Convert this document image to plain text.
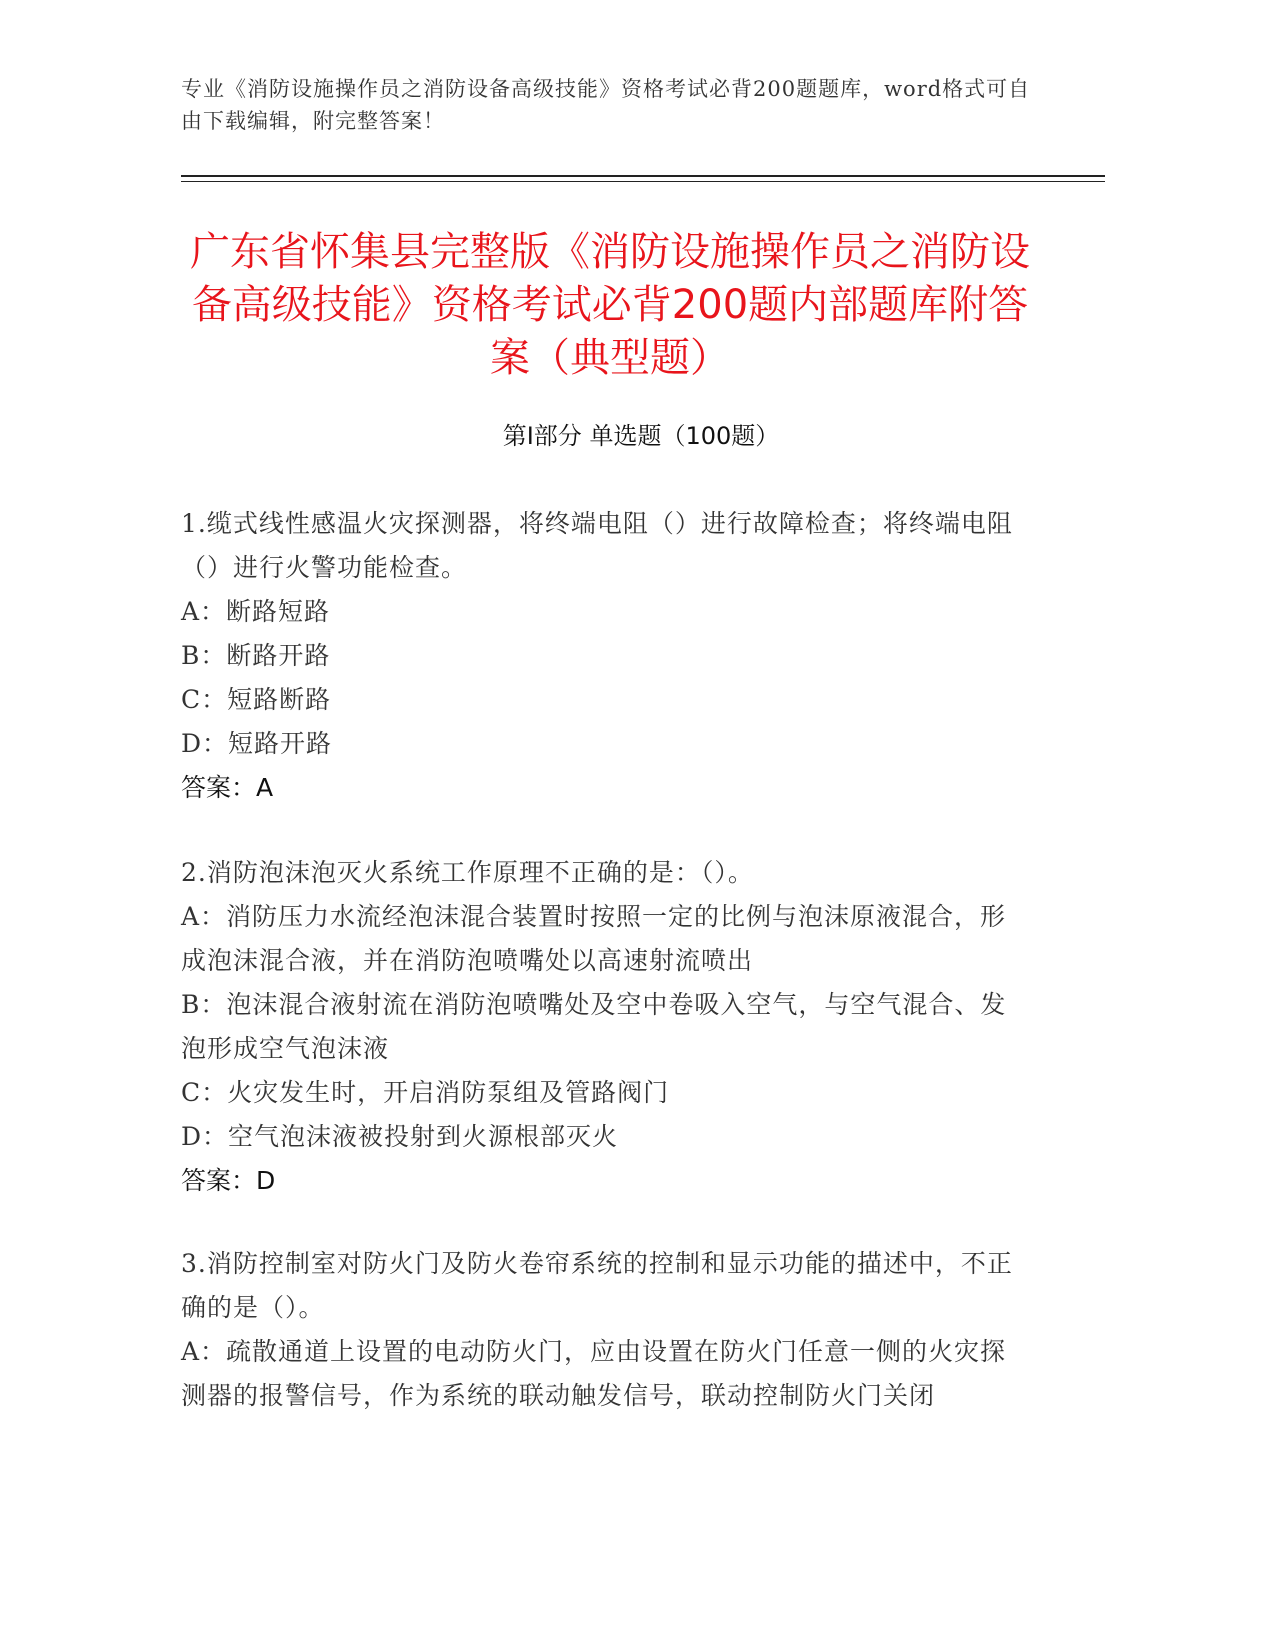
专业《消防设施操作员之消防设备高级技能》资格考试必背200题题库，word格式可自由下载编辑，附完整答案！
广东省怀集县完整版《消防设施操作员之消防设备高级技能》资格考试必背200题内部题库附答案（典型题）
第Ⅰ部分 单选题（100题）

1.缆式线性感温火灾探测器，将终端电阻（）进行故障检查；将终端电阻（）进行火警功能检查。

A：断路短路

B：断路开路

C：短路断路

D：短路开路

答案：A

2.消防泡沫泡灭火系统工作原理不正确的是：（）。

A：消防压力水流经泡沫混合装置时按照一定的比例与泡沫原液混合，形成泡沫混合液，并在消防泡喷嘴处以高速射流喷出

B：泡沫混合液射流在消防泡喷嘴处及空中卷吸入空气，与空气混合、发泡形成空气泡沫液

C：火灾发生时，开启消防泵组及管路阀门

D：空气泡沫液被投射到火源根部灭火

答案：D

3.消防控制室对防火门及防火卷帘系统的控制和显示功能的描述中，不正确的是（）。

A：疏散通道上设置的电动防火门，应由设置在防火门任意一侧的火灾探测器的报警信号，作为系统的联动触发信号，联动控制防火门关闭
